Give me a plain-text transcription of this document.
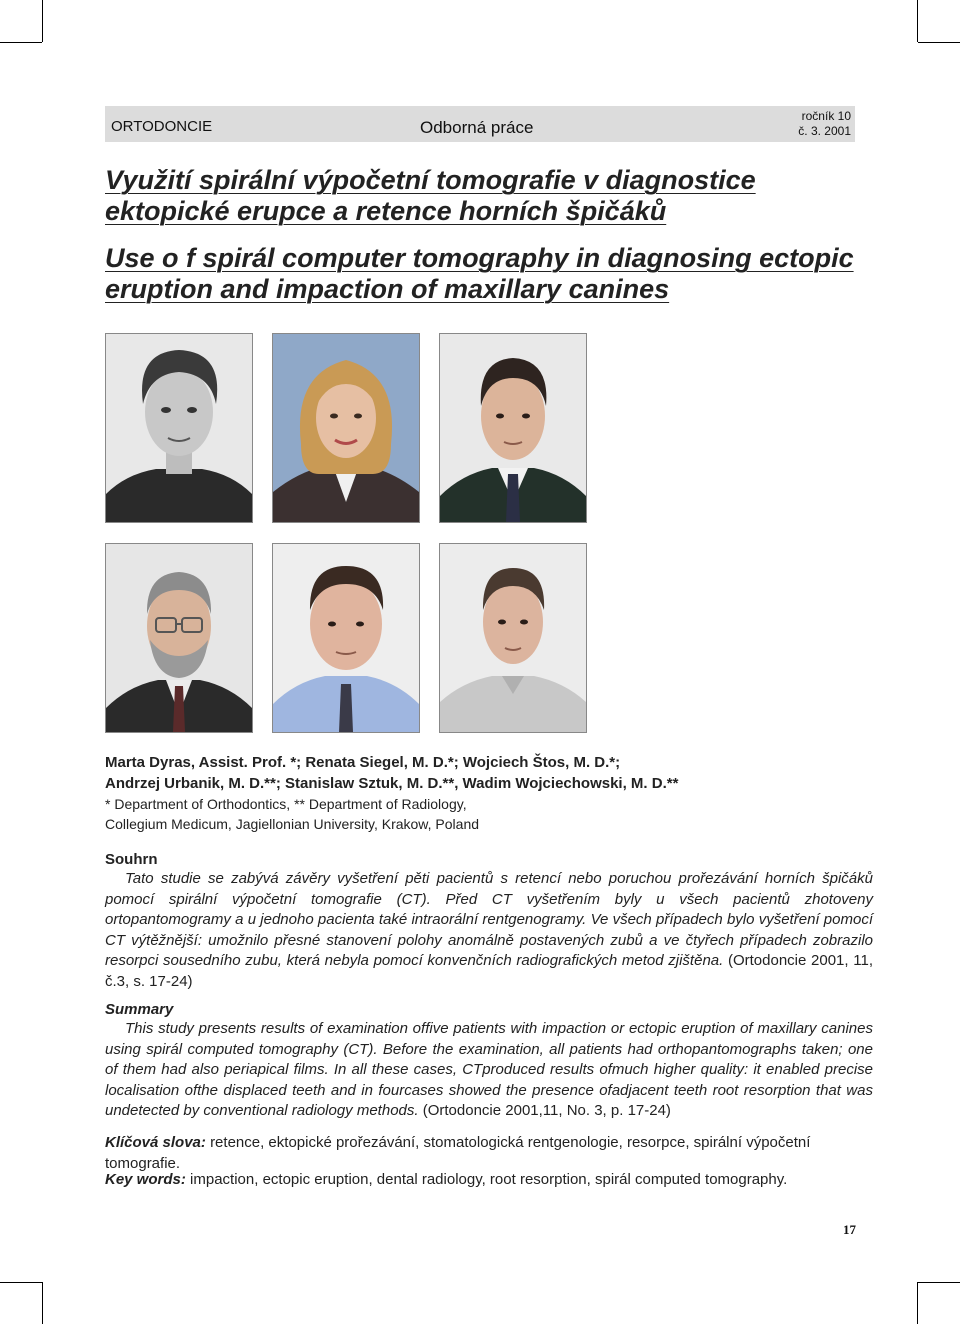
ORTODONCIE	Odborná práce
ročník 10
č. 3. 2001
Využití spirální výpočetní tomografie v diagnostice
ektopické erupce a retence horních špičáků
Use o f spirál computer tomography in diagnosing ectopic
eruption and impaction of maxillary canines
Marta Dyras, Assist. Prof. *; Renata Siegel, M. D.*; Wojciech Štos, M. D.*;
Andrzej Urbanik, M. D.**; Stanislaw Sztuk, M. D.**, Wadim Wojciechowski, M. D.**
* Department of Orthodontics, ** Department of Radiology,
Collegium Medicum, Jagiellonian University, Krakow, Poland
Souhrn
Tato studie se zabývá závěry vyšetření pěti pacientů s retencí nebo poruchou prořezávání horních špičáků pomocí spirální výpočetní tomografie (CT). Před CT vyšetřením byly u všech pacientů zhotoveny ortopantomogramy a u jednoho pacienta také intraorální rentgenogramy. Ve všech případech bylo vyšetření pomocí CT výtěžnější: umožnilo přesné stanovení polohy anomálně postavených zubů a ve čtyřech případech zobrazilo resorpci sousedního zubu, která nebyla pomocí konvenčních radiografických metod zjištěna. (Ortodoncie 2001, 11, č.3, s. 17-24)
Summary
This study presents results of examination offive patients with impaction or ectopic eruption of maxillary canines using spirál computed tomography (CT). Before the examination, all patients had orthopantomographs taken; one of them had also periapical films. In all these cases, CTproduced results ofmuch higher quality: it enabled precise localisation ofthe displaced teeth and in fourcases showed the presence ofadjacent teeth root resorption that was undetected by conventional radiology methods. (Ortodoncie 2001,11, No. 3, p. 17-24)
Klíčová slova: retence, ektopické prořezávání, stomatologická rentgenologie, resorpce, spirální výpočetní tomografie.
Key words: impaction, ectopic eruption, dental radiology, root resorption, spirál computed tomography.
17
